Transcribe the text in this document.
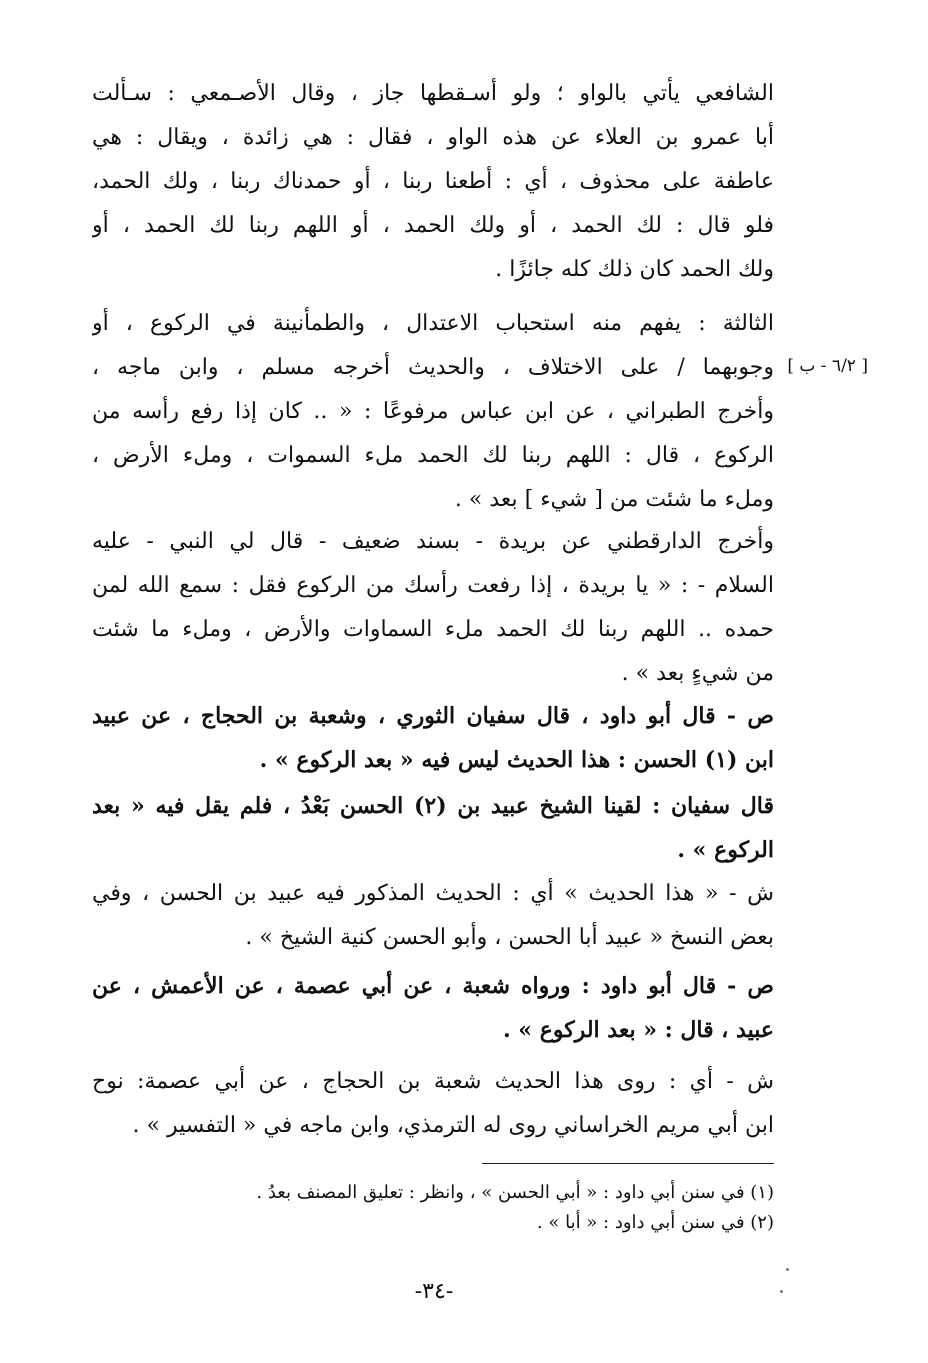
[ ٦/٢ - ب ]
الشافعي يأتي بالواو ؛ ولو أسـقطها جاز ، وقال الأصـمعي : سـألت
أبا عمرو بن العلاء عن هذه الواو ، فقال : هي زائدة ، ويقال : هي
عاطفة على محذوف ، أي : أطعنا ربنا ، أو حمدناك ربنا ، ولك الحمد،
فلو قال : لك الحمد ، أو ولك الحمد ، أو اللهم ربنا لك الحمد ، أو
ولك الحمد كان ذلك كله جائزًا .
الثالثة : يفهم منه استحباب الاعتدال ، والطمأنينة في الركوع ، أو
وجوبهما / على الاختلاف ، والحديث أخرجه مسلم ، وابن ماجه ،
وأخرج الطبراني ، عن ابن عباس مرفوعًا : « .. كان إذا رفع رأسه من
الركوع ، قال : اللهم ربنا لك الحمد ملء السموات ، وملء الأرض ،
وملء ما شئت من [ شيء ] بعد » .
وأخرج الدارقطني عن بريدة - بسند ضعيف - قال لي النبي - عليه
السلام - : « يا بريدة ، إذا رفعت رأسك من الركوع فقل : سمع الله لمن
حمده .. اللهم ربنا لك الحمد ملء السماوات والأرض ، وملء ما شئت
من شيءٍ بعد » .
ص - قال أبو داود ، قال سفيان الثوري ، وشعبة بن الحجاج ، عن عبيد
ابن (١) الحسن : هذا الحديث ليس فيه « بعد الركوع » .
قال سفيان : لقينا الشيخ عبيد بن (٢) الحسن بَعْدُ ، فلم يقل فيه « بعد
الركوع » .
ش - « هذا الحديث » أي : الحديث المذكور فيه عبيد بن الحسن ، وفي
بعض النسخ « عبيد أبا الحسن ، وأبو الحسن كنية الشيخ » .
ص - قال أبو داود : ورواه شعبة ، عن أبي عصمة ، عن الأعمش ، عن
عبيد ، قال : « بعد الركوع » .
ش - أي : روى هذا الحديث شعبة بن الحجاج ، عن أبي عصمة: نوح
ابن أبي مريم الخراساني روى له الترمذي، وابن ماجه في « التفسير » .
(١) في سنن أبي داود : « أبي الحسن » ، وانظر : تعليق المصنف بعدُ .
(٢) في سنن أبي داود : « أبا » .
-٣٤-
